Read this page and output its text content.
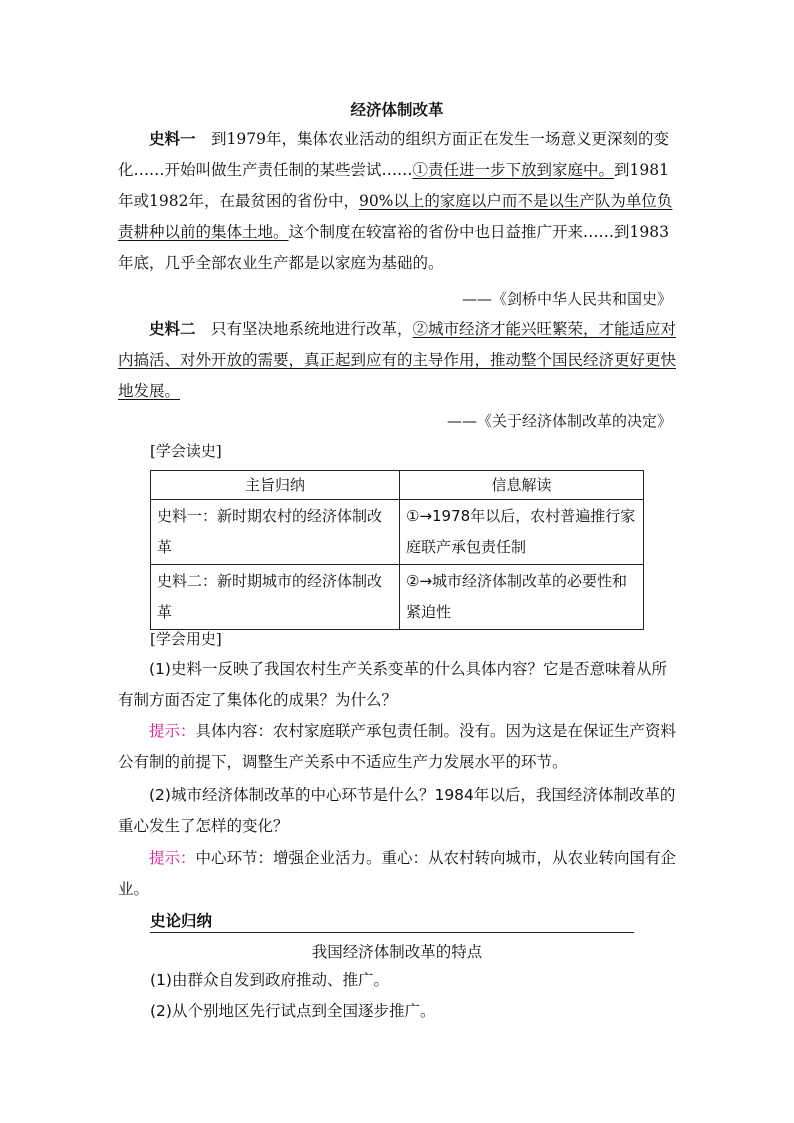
经济体制改革
史料一　 到1979年，集体农业活动的组织方面正在发生一场意义更深刻的变化……开始叫做生产责任制的某些尝试……①责任进一步下放到家庭中。到1981年或1982年，在最贫困的省份中，90%以上的家庭以户而不是以生产队为单位负责耕种以前的集体土地。这个制度在较富裕的省份中也日益推广开来……到1983年底，几乎全部农业生产都是以家庭为基础的。
——《剑桥中华人民共和国史》
史料二　 只有坚决地系统地进行改革，②城市经济才能兴旺繁荣，才能适应对内搞活、对外开放的需要，真正起到应有的主导作用，推动整个国民经济更好更快地发展。
——《关于经济体制改革的决定》
[学会读史]
主旨归纳	信息解读
史料一：新时期农村的经济体制改革	①→1978年以后，农村普遍推行家庭联产承包责任制
史料二：新时期城市的经济体制改革	②→城市经济体制改革的必要性和紧迫性
[学会用史]
(1)史料一反映了我国农村生产关系变革的什么具体内容？它是否意味着从所有制方面否定了集体化的成果？为什么？
提示：具体内容：农村家庭联产承包责任制。没有。因为这是在保证生产资料公有制的前提下，调整生产关系中不适应生产力发展水平的环节。
(2)城市经济体制改革的中心环节是什么？1984年以后，我国经济体制改革的重心发生了怎样的变化？
提示：中心环节：增强企业活力。重心：从农村转向城市，从农业转向国有企业。
史论归纳
我国经济体制改革的特点
(1)由群众自发到政府推动、推广。
(2)从个别地区先行试点到全国逐步推广。
